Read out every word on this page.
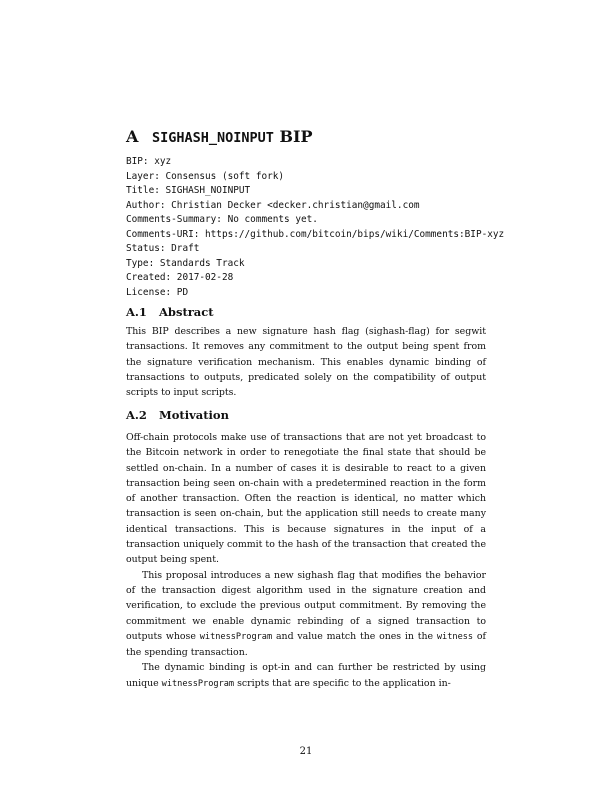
A SIGHASH_NOINPUT BIP
BIP: xyz
Layer: Consensus (soft fork)
Title: SIGHASH_NOINPUT
Author: Christian Decker <decker.christian@gmail.com
Comments-Summary: No comments yet.
Comments-URI: https://github.com/bitcoin/bips/wiki/Comments:BIP-xyz
Status: Draft
Type: Standards Track
Created: 2017-02-28
License: PD
A.1 Abstract

This BIP describes a new signature hash flag (sighash-flag) for segwit transactions. It removes any commitment to the output being spent from the signature verification mechanism. This enables dynamic binding of transactions to outputs, predicated solely on the compatibility of output scripts to input scripts.

A.2 Motivation

Off-chain protocols make use of transactions that are not yet broadcast to the Bitcoin network in order to renegotiate the final state that should be settled on-chain. In a number of cases it is desirable to react to a given transaction being seen on-chain with a predetermined reaction in the form of another transaction. Often the reaction is identical, no matter which transaction is seen on-chain, but the application still needs to create many identical transactions. This is because signatures in the input of a transaction uniquely commit to the hash of the transaction that created the output being spent.

This proposal introduces a new sighash flag that modifies the behavior of the transaction digest algorithm used in the signature creation and verification, to exclude the previous output commitment. By removing the commitment we enable dynamic rebinding of a signed transaction to outputs whose witnessProgram and value match the ones in the witness of the spending transaction.

The dynamic binding is opt-in and can further be restricted by using unique witnessProgram scripts that are specific to the application in-

21
